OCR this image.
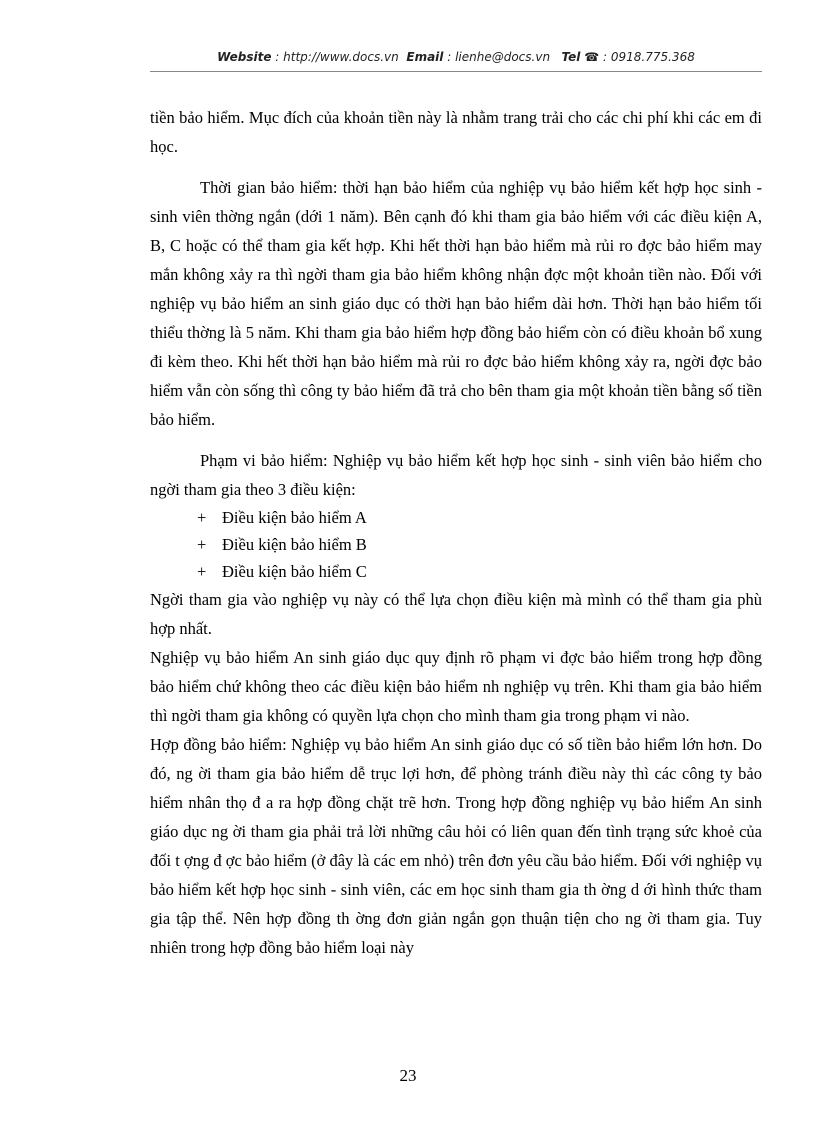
Website : http://www.docs.vn Email : lienhe@docs.vn Tel ☎ : 0918.775.368

tiền bảo hiểm. Mục đích của khoản tiền này là nhằm trang trải cho các chi phí khi các em đi học.

Thời gian bảo hiểm: thời hạn bảo hiểm của nghiệp vụ bảo hiểm kết hợp học sinh - sinh viên thờng ngắn (dới 1 năm). Bên cạnh đó khi tham gia bảo hiểm với các điều kiện A, B, C hoặc có thể tham gia kết hợp. Khi hết thời hạn bảo hiểm mà rủi ro đợc bảo hiểm may mắn không xảy ra thì ngời tham gia bảo hiểm không nhận đợc một khoản tiền nào. Đối với nghiệp vụ bảo hiểm an sinh giáo dục có thời hạn bảo hiểm dài hơn. Thời hạn bảo hiểm tối thiểu thờng là 5 năm. Khi tham gia bảo hiểm hợp đồng bảo hiểm còn có điều khoản bổ xung đi kèm theo. Khi hết thời hạn bảo hiểm mà rủi ro đợc bảo hiểm không xảy ra, ngời đợc bảo hiểm vẫn còn sống thì công ty bảo hiểm đã trả cho bên tham gia một khoản tiền bằng số tiền bảo hiểm.

Phạm vi bảo hiểm: Nghiệp vụ bảo hiểm kết hợp học sinh - sinh viên bảo hiểm cho ngời tham gia theo 3 điều kiện:

+ Điều kiện bảo hiểm A
+ Điều kiện bảo hiểm B
+ Điều kiện bảo hiểm C

Ngời tham gia vào nghiệp vụ này có thể lựa chọn điều kiện mà mình có thể tham gia phù hợp nhất.

Nghiệp vụ bảo hiểm An sinh giáo dục quy định rõ phạm vi đợc bảo hiểm trong hợp đồng bảo hiểm chứ không theo các điều kiện bảo hiểm nh nghiệp vụ trên. Khi tham gia bảo hiểm thì ngời tham gia không có quyền lựa chọn cho mình tham gia trong phạm vi nào.

Hợp đồng bảo hiểm: Nghiệp vụ bảo hiểm An sinh giáo dục có số tiền bảo hiểm lớn hơn. Do đó, ng ời tham gia bảo hiểm dễ trục lợi hơn, để phòng tránh điều này thì các công ty bảo hiểm nhân thọ đ a ra hợp đồng chặt trẽ hơn. Trong hợp đồng nghiệp vụ bảo hiểm An sinh giáo dục ng ời tham gia phải trả lời những câu hỏi có liên quan đến tình trạng sức khoẻ của đối t ợng đ ợc bảo hiểm (ở đây là các em nhỏ) trên đơn yêu cầu bảo hiểm. Đối với nghiệp vụ bảo hiểm kết hợp học sinh - sinh viên, các em học sinh tham gia th ờng d ới hình thức tham gia tập thể. Nên hợp đồng th ờng đơn giản ngắn gọn thuận tiện cho ng ời tham gia. Tuy nhiên trong hợp đồng bảo hiểm loại này

23
